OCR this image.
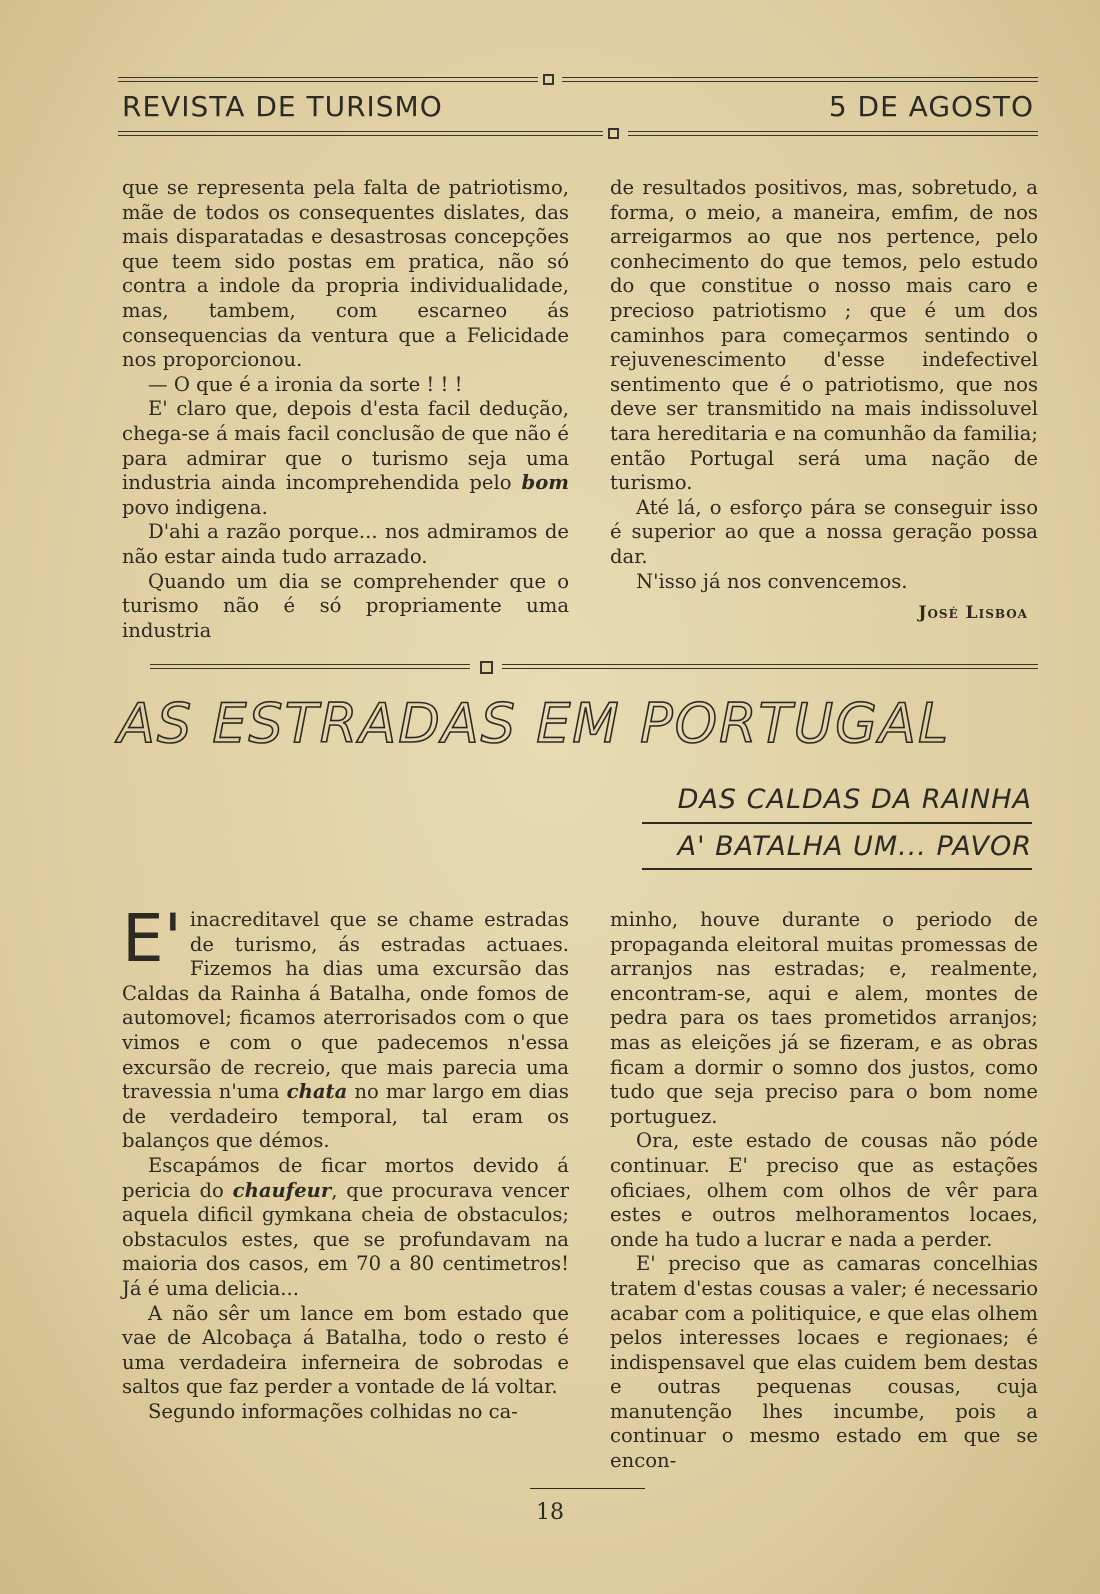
REVISTA DE TURISMO	5 DE AGOSTO

que se representa pela falta de patriotismo, mãe de todos os consequentes dislates, das mais disparatadas e desastrosas concepções que teem sido postas em pratica, não só contra a indole da propria individualidade, mas, tambem, com escarneo ás consequencias da ventura que a Felicidade nos proporcionou.

— O que é a ironia da sorte ! ! !

E' claro que, depois d'esta facil dedução, chega-se á mais facil conclusão de que não é para admirar que o turismo seja uma industria ainda incomprehendida pelo bom povo indigena.

D'ahi a razão porque... nos admiramos de não estar ainda tudo arrazado.

Quando um dia se comprehender que o turismo não é só propriamente uma industria

de resultados positivos, mas, sobretudo, a forma, o meio, a maneira, emfim, de nos arreigarmos ao que nos pertence, pelo conhecimento do que temos, pelo estudo do que constitue o nosso mais caro e precioso patriotismo ; que é um dos caminhos para começarmos sentindo o rejuvenescimento d'esse indefectivel sentimento que é o patriotismo, que nos deve ser transmitido na mais indissoluvel tara hereditaria e na comunhão da familia; então Portugal será uma nação de turismo.

Até lá, o esforço pára se conseguir isso é superior ao que a nossa geração possa dar.

N'isso já nos convencemos.

José Lisboa
AS ESTRADAS EM PORTUGAL
DAS CALDAS DA RAINHA
A' BATALHA UM... PAVOR

E' inacreditavel que se chame estradas de turismo, ás estradas actuaes. Fizemos ha dias uma excursão das Caldas da Rainha á Batalha, onde fomos de automovel; ficamos aterrorisados com o que vimos e com o que padecemos n'essa excursão de recreio, que mais parecia uma travessia n'uma chata no mar largo em dias de verdadeiro temporal, tal eram os balanços que démos.

Escapámos de ficar mortos devido á pericia do chaufeur, que procurava vencer aquela dificil gymkana cheia de obstaculos; obstaculos estes, que se profundavam na maioria dos casos, em 70 a 80 centimetros! Já é uma delicia...

A não sêr um lance em bom estado que vae de Alcobaça á Batalha, todo o resto é uma verdadeira inferneira de sobrodas e saltos que faz perder a vontade de lá voltar.

Segundo informações colhidas no ca-

minho, houve durante o periodo de propaganda eleitoral muitas promessas de arranjos nas estradas; e, realmente, encontram-se, aqui e alem, montes de pedra para os taes prometidos arranjos; mas as eleições já se fizeram, e as obras ficam a dormir o somno dos justos, como tudo que seja preciso para o bom nome portuguez.

Ora, este estado de cousas não póde continuar. E' preciso que as estações oficiaes, olhem com olhos de vêr para estes e outros melhoramentos locaes, onde ha tudo a lucrar e nada a perder.

E' preciso que as camaras concelhias tratem d'estas cousas a valer; é necessario acabar com a politiquice, e que elas olhem pelos interesses locaes e regionaes; é indispensavel que elas cuidem bem destas e outras pequenas cousas, cuja manutenção lhes incumbe, pois a continuar o mesmo estado em que se encon-

18
